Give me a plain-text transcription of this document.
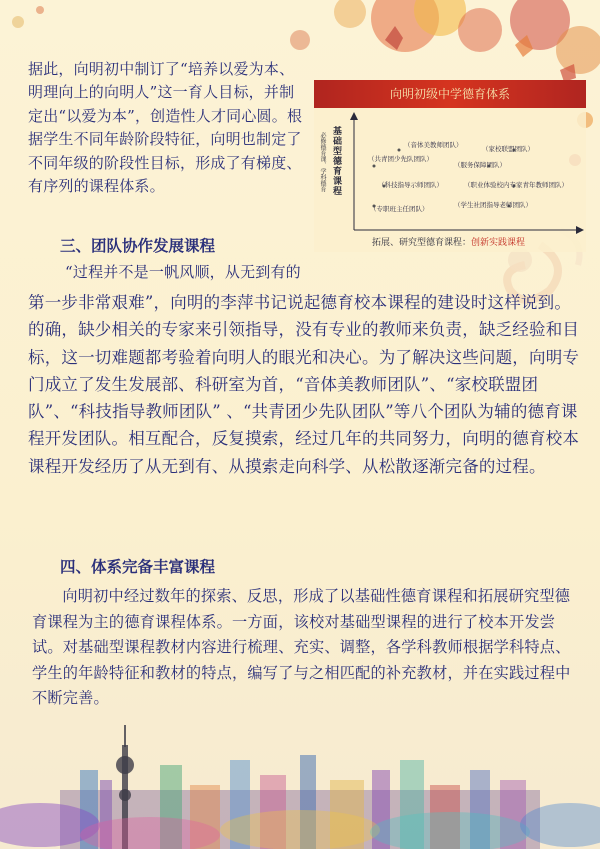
据此，向明初中制订了“培养以爱为本、明理向上的向明人”这一育人目标，并制定出“以爱为本”，创造性人才同心圆。根据学生不同年龄阶段特征，向明也制定了不同年级的阶段性目标，形成了有梯度、有序列的课程体系。
向明初级中学德育体系
必修德育课、学科德育 基础型德育课程	（音体美教师团队）	（家校联盟团队）
（共青团少先队团队）
（服务保障团队）
（科技指导示师团队）	（职业体验校内专家青年教师团队）
（学生社团指导老师团队）
（专职班主任团队）
拓展、研究型德育课程：创新实践课程
三、团队协作发展课程
“过程并不是一帆风顺，从无到有的
第一步非常艰难”，向明的李萍书记说起德育校本课程的建设时这样说到。的确，缺少相关的专家来引领指导，没有专业的教师来负责，缺乏经验和目标，这一切难题都考验着向明人的眼光和决心。为了解决这些问题，向明专门成立了发生发展部、科研室为首，“音体美教师团队”、“家校联盟团队”、“科技指导教师团队” 、“共青团少先队团队”等八个团队为辅的德育课程开发团队。相互配合，反复摸索，经过几年的共同努力，向明的德育校本课程开发经历了从无到有、从摸索走向科学、从松散逐渐完备的过程。
四、体系完备丰富课程
向明初中经过数年的探索、反思，形成了以基础性德育课程和拓展研究型德育课程为主的德育课程体系。一方面，该校对基础型课程的进行了校本开发尝试。对基础型课程教材内容进行梳理、充实、调整，各学科教师根据学科特点、学生的年龄特征和教材的特点，编写了与之相匹配的补充教材，并在实践过程中不断完善。
